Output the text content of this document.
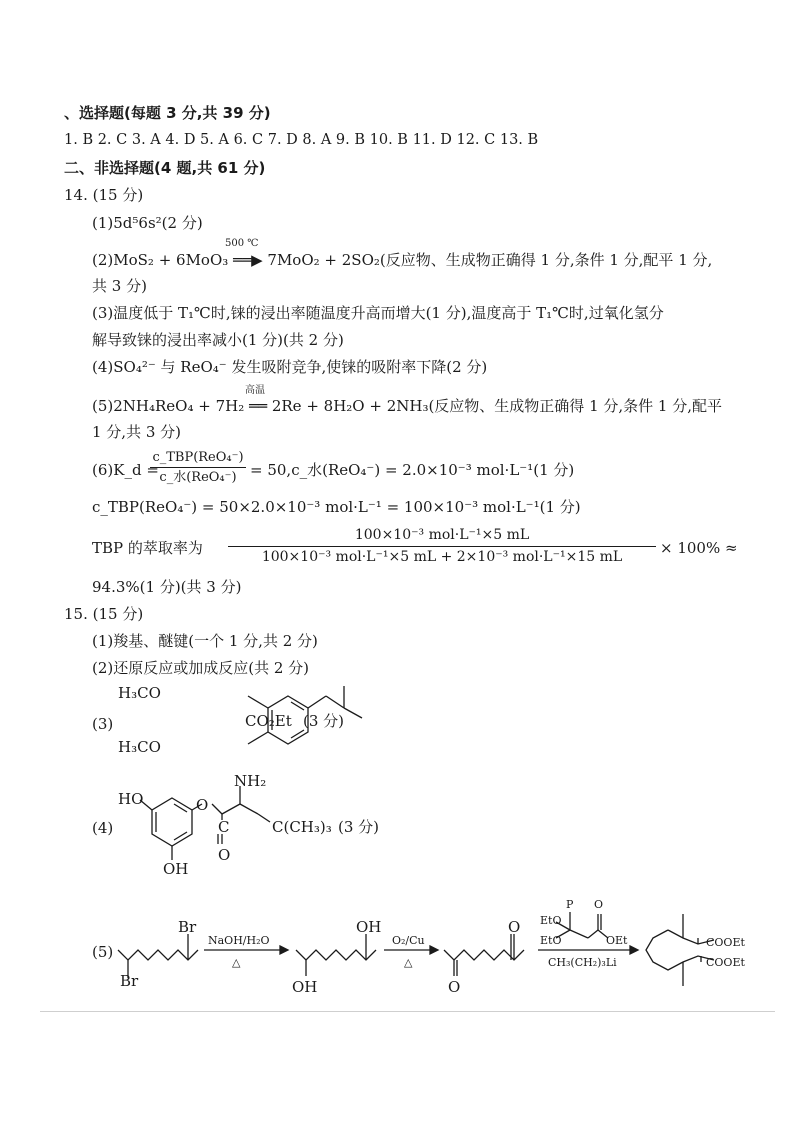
、选择题(每题 3 分,共 39 分)
1. B 2. C 3. A 4. D 5. A 6. C 7. D 8. A 9. B 10. B 11. D 12. C 13. B
二、非选择题(4 题,共 61 分)
14. (15 分)
(1)5d⁵6s²(2 分)
500 ℃
(2)MoS₂ + 6MoO₃ ══▶ 7MoO₂ + 2SO₂(反应物、生成物正确得 1 分,条件 1 分,配平 1 分,
共 3 分)
(3)温度低于 T₁℃时,铼的浸出率随温度升高而增大(1 分),温度高于 T₁℃时,过氧化氢分
解导致铼的浸出率减小(1 分)(共 2 分)
(4)SO₄²⁻ 与 ReO₄⁻ 发生吸附竞争,使铼的吸附率下降(2 分)
高温
(5)2NH₄ReO₄ + 7H₂ ══ 2Re + 8H₂O + 2NH₃(反应物、生成物正确得 1 分,条件 1 分,配平
1 分,共 3 分)
(6)K_d =
c_TBP(ReO₄⁻)
c_水(ReO₄⁻) = 50,c_水(ReO₄⁻) = 2.0×10⁻³ mol·L⁻¹(1 分)
c_TBP(ReO₄⁻) = 50×2.0×10⁻³ mol·L⁻¹ = 100×10⁻³ mol·L⁻¹(1 分)
TBP 的萃取率为
100×10⁻³ mol·L⁻¹×5 mL
100×10⁻³ mol·L⁻¹×5 mL + 2×10⁻³ mol·L⁻¹×15 mL	× 100% ≈
94.3%(1 分)(共 3 分)
15. (15 分)
(1)羧基、醚键(一个 1 分,共 2 分)
(2)还原反应或加成反应(共 2 分)
(3)
H₃CO
H₃CO
CO₂Et (3 分)
(4)
HO
OH
O
NH₂
C
O
C(CH₃)₃ (3 分)
(5)
Br
Br
NaOH/H₂O
△
OH
OH
O₂/Cu
△
O
O EtO
P O
EtO	OEt
CH₃(CH₂)₃Li
COOEt
COOEt
